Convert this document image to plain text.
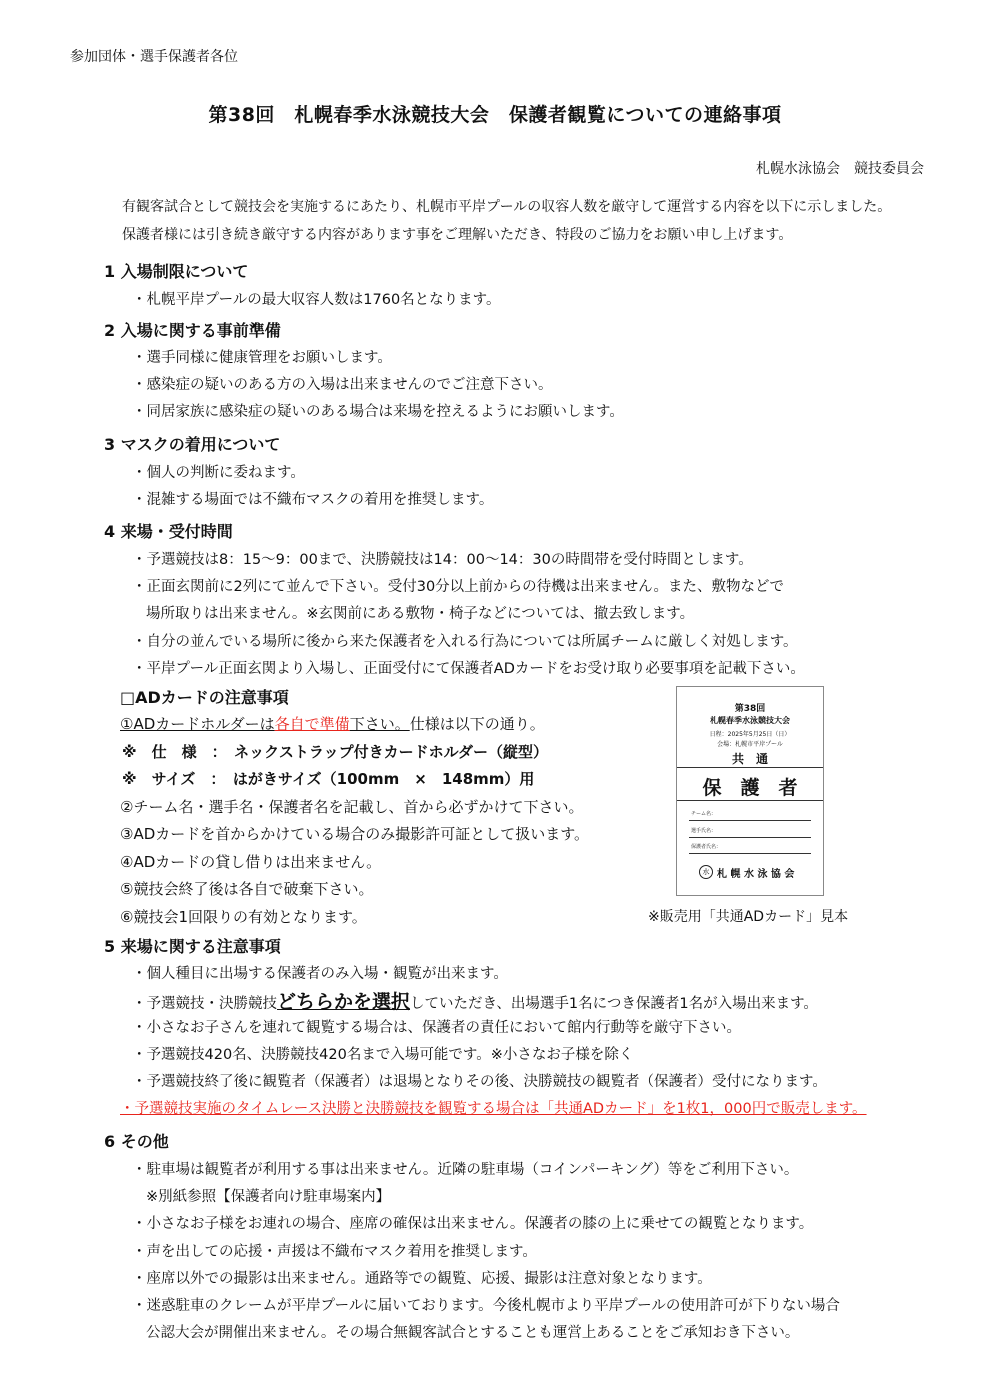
参加団体・選手保護者各位
第38回　札幌春季水泳競技大会　保護者観覧についての連絡事項
札幌水泳協会　競技委員会
有観客試合として競技会を実施するにあたり、札幌市平岸プールの収容人数を厳守して運営する内容を以下に示しました。
保護者様には引き続き厳守する内容があります事をご理解いただき、特段のご協力をお願い申し上げます。
1 入場制限について
・札幌平岸プールの最大収容人数は1760名となります。
2 入場に関する事前準備
・選手同様に健康管理をお願いします。
・感染症の疑いのある方の入場は出来ませんのでご注意下さい。
・同居家族に感染症の疑いのある場合は来場を控えるようにお願いします。
3 マスクの着用について
・個人の判断に委ねます。
・混雑する場面では不織布マスクの着用を推奨します。
4 来場・受付時間
・予選競技は8：15～9：00まで、決勝競技は14：00～14：30の時間帯を受付時間とします。
・正面玄関前に2列にて並んで下さい。受付30分以上前からの待機は出来ません。また、敷物などで
場所取りは出来ません。※玄関前にある敷物・椅子などについては、撤去致します。
・自分の並んでいる場所に後から来た保護者を入れる行為については所属チームに厳しく対処します。
・平岸プール正面玄関より入場し、正面受付にて保護者ADカードをお受け取り必要事項を記載下さい。
□ADカードの注意事項
①ADカードホルダーは各自で準備下さい。仕様は以下の通り。
※　仕　様　：　ネックストラップ付きカードホルダー（縦型）
※　サイズ　：　はがきサイズ（100mm　×　148mm）用
②チーム名・選手名・保護者名を記載し、首から必ずかけて下さい。
③ADカードを首からかけている場合のみ撮影許可証として扱います。
④ADカードの貸し借りは出来ません。
⑤競技会終了後は各自で破棄下さい。
⑥競技会1回限りの有効となります。
第38回
札幌春季水泳競技大会
日程：2025年5月25日（日）
会場：札幌市平岸プール
共　通
保　護　者
チーム名：
選手氏名：
保護者氏名：
水 札 幌 水 泳 協 会
※販売用「共通ADカード」見本
5 来場に関する注意事項
・個人種目に出場する保護者のみ入場・観覧が出来ます。
・予選競技・決勝競技どちらかを選択していただき、出場選手1名につき保護者1名が入場出来ます。
・小さなお子さんを連れて観覧する場合は、保護者の責任において館内行動等を厳守下さい。
・予選競技420名、決勝競技420名まで入場可能です。※小さなお子様を除く
・予選競技終了後に観覧者（保護者）は退場となりその後、決勝競技の観覧者（保護者）受付になります。
・予選競技実施のタイムレース決勝と決勝競技を観覧する場合は「共通ADカード」を1枚1，000円で販売します。
6 その他
・駐車場は観覧者が利用する事は出来ません。近隣の駐車場（コインパーキング）等をご利用下さい。
※別紙参照【保護者向け駐車場案内】
・小さなお子様をお連れの場合、座席の確保は出来ません。保護者の膝の上に乗せての観覧となります。
・声を出しての応援・声援は不織布マスク着用を推奨します。
・座席以外での撮影は出来ません。通路等での観覧、応援、撮影は注意対象となります。
・迷惑駐車のクレームが平岸プールに届いております。今後札幌市より平岸プールの使用許可が下りない場合
公認大会が開催出来ません。その場合無観客試合とすることも運営上あることをご承知おき下さい。
